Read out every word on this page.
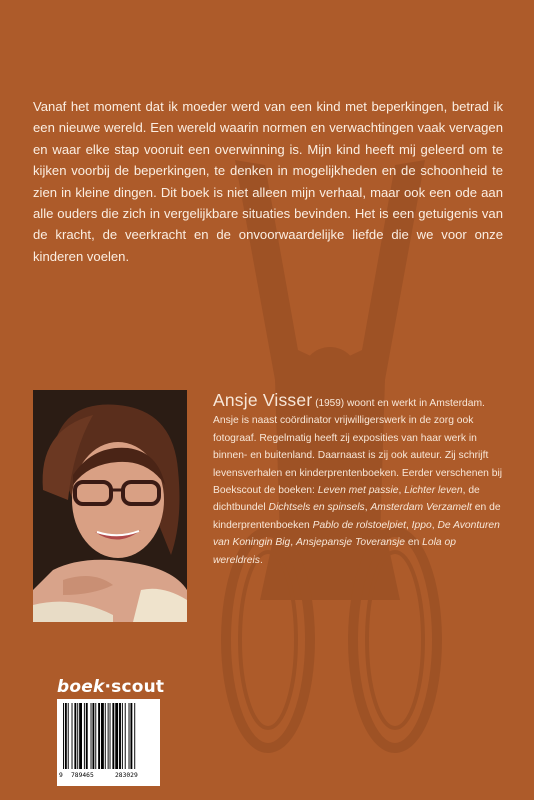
Vanaf het moment dat ik moeder werd van een kind met beperkingen, betrad ik een nieuwe wereld. Een wereld waarin normen en verwachtingen vaak vervagen en waar elke stap vooruit een overwinning is. Mijn kind heeft mij geleerd om te kijken voorbij de beperkingen, te denken in mogelijkheden en de schoonheid te zien in kleine dingen. Dit boek is niet alleen mijn verhaal, maar ook een ode aan alle ouders die zich in vergelijkbare situaties bevinden. Het is een getuigenis van de kracht, de veerkracht en de onvoorwaardelijke liefde die we voor onze kinderen voelen.

Ansje Visser (1959) woont en werkt in Amsterdam. Ansje is naast coördinator vrijwilligerswerk in de zorg ook fotograaf. Regelmatig heeft zij exposities van haar werk in binnen- en buitenland. Daarnaast is zij ook auteur. Zij schrijft levensverhalen en kinderprentenboeken. Eerder verschenen bij Boekscout de boeken: Leven met passie, Lichter leven, de dichtbundel Dichtsels en spinsels, Amsterdam Verzamelt en de kinderprentenboeken Pablo de rolstoelpiet, Ippo, De Avonturen van Koningin Big, Ansjepansje Toveransje en Lola op wereldreis.

boek·scout
9 789465	283029
